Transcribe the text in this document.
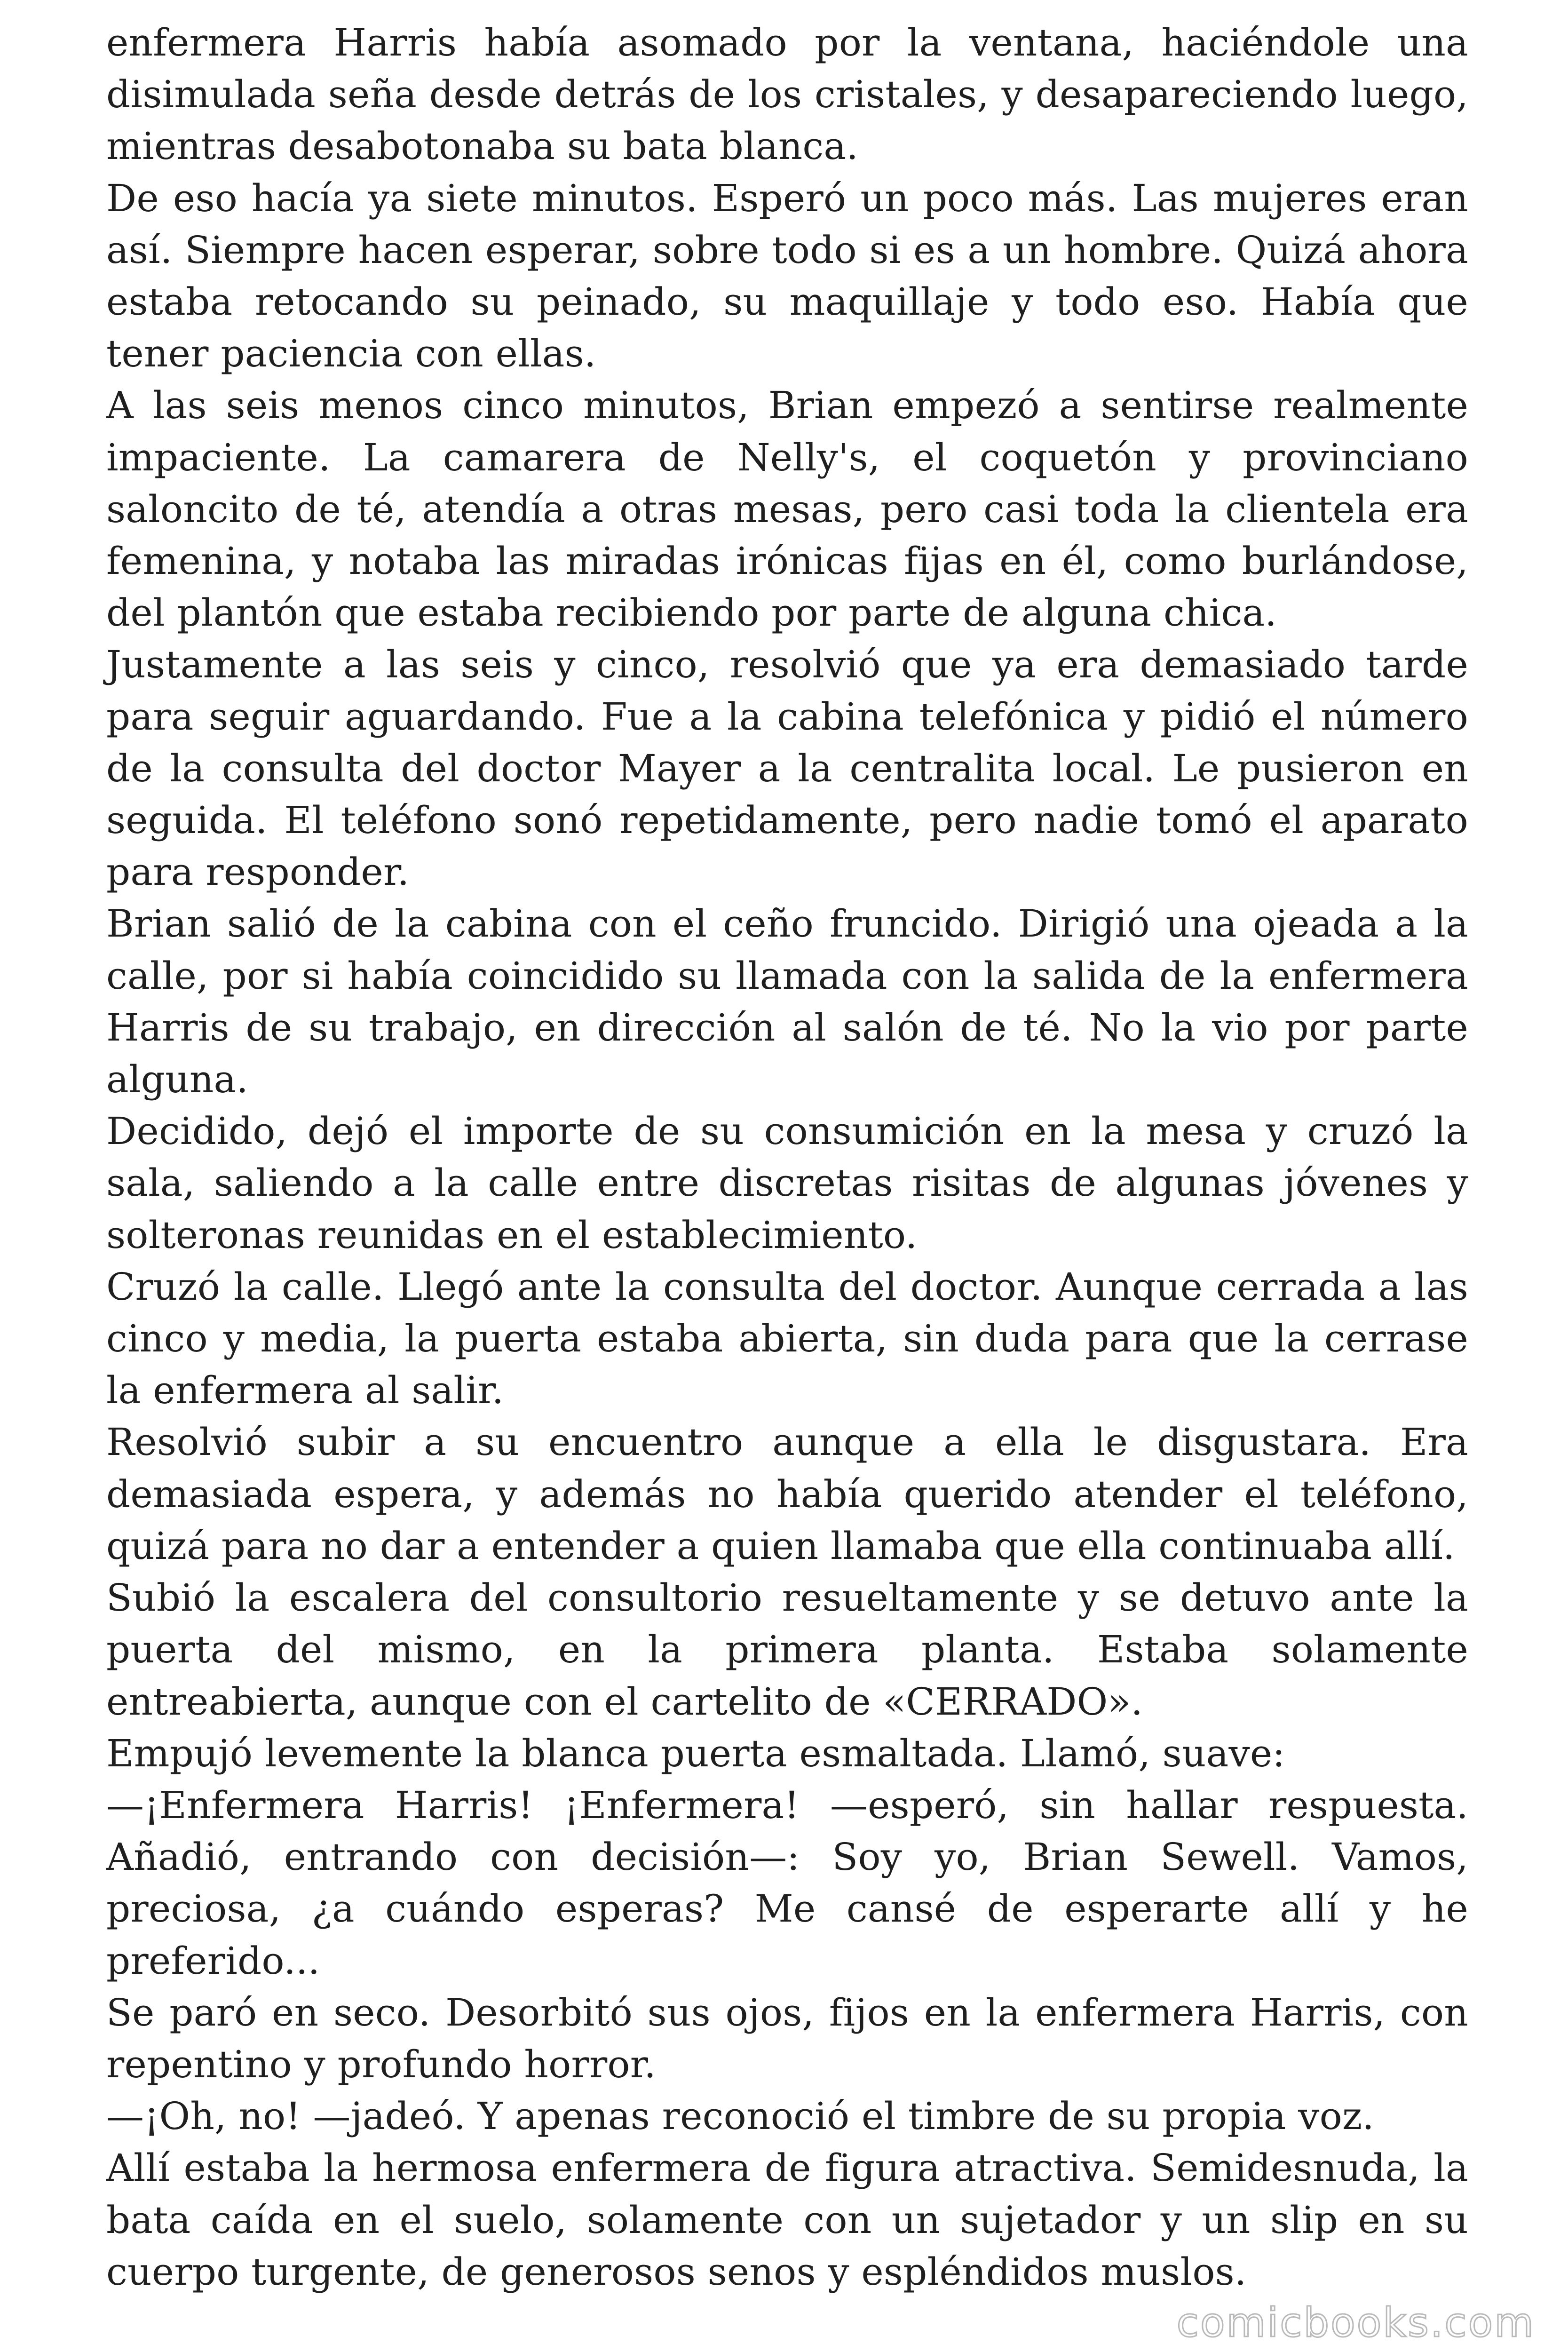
enfermera Harris había asomado por la ventana, haciéndole una disimulada seña desde detrás de los cristales, y desapareciendo luego, mientras desabotonaba su bata blanca.

De eso hacía ya siete minutos. Esperó un poco más. Las mujeres eran así. Siempre hacen esperar, sobre todo si es a un hombre. Quizá ahora estaba retocando su peinado, su maquillaje y todo eso. Había que tener paciencia con ellas.

A las seis menos cinco minutos, Brian empezó a sentirse realmente impaciente. La camarera de Nelly's, el coquetón y provinciano saloncito de té, atendía a otras mesas, pero casi toda la clientela era femenina, y notaba las miradas irónicas fijas en él, como burlándose, del plantón que estaba recibiendo por parte de alguna chica.

Justamente a las seis y cinco, resolvió que ya era demasiado tarde para seguir aguardando. Fue a la cabina telefónica y pidió el número de la consulta del doctor Mayer a la centralita local. Le pusieron en seguida. El teléfono sonó repetidamente, pero nadie tomó el aparato para responder.

Brian salió de la cabina con el ceño fruncido. Dirigió una ojeada a la calle, por si había coincidido su llamada con la salida de la enfermera Harris de su trabajo, en dirección al salón de té. No la vio por parte alguna.

Decidido, dejó el importe de su consumición en la mesa y cruzó la sala, saliendo a la calle entre discretas risitas de algunas jóvenes y solteronas reunidas en el establecimiento.

Cruzó la calle. Llegó ante la consulta del doctor. Aunque cerrada a las cinco y media, la puerta estaba abierta, sin duda para que la cerrase la enfermera al salir.

Resolvió subir a su encuentro aunque a ella le disgustara. Era demasiada espera, y además no había querido atender el teléfono, quizá para no dar a entender a quien llamaba que ella continuaba allí.

Subió la escalera del consultorio resueltamente y se detuvo ante la puerta del mismo, en la primera planta. Estaba solamente entreabierta, aunque con el cartelito de «CERRADO».

Empujó levemente la blanca puerta esmaltada. Llamó, suave:

—¡Enfermera Harris! ¡Enfermera! —esperó, sin hallar respuesta. Añadió, entrando con decisión—: Soy yo, Brian Sewell. Vamos, preciosa, ¿a cuándo esperas? Me cansé de esperarte allí y he preferido...

Se paró en seco. Desorbitó sus ojos, fijos en la enfermera Harris, con repentino y profundo horror.

—¡Oh, no! —jadeó. Y apenas reconoció el timbre de su propia voz.

Allí estaba la hermosa enfermera de figura atractiva. Semidesnuda, la bata caída en el suelo, solamente con un sujetador y un slip en su cuerpo turgente, de generosos senos y espléndidos muslos.

comicbooks.com
